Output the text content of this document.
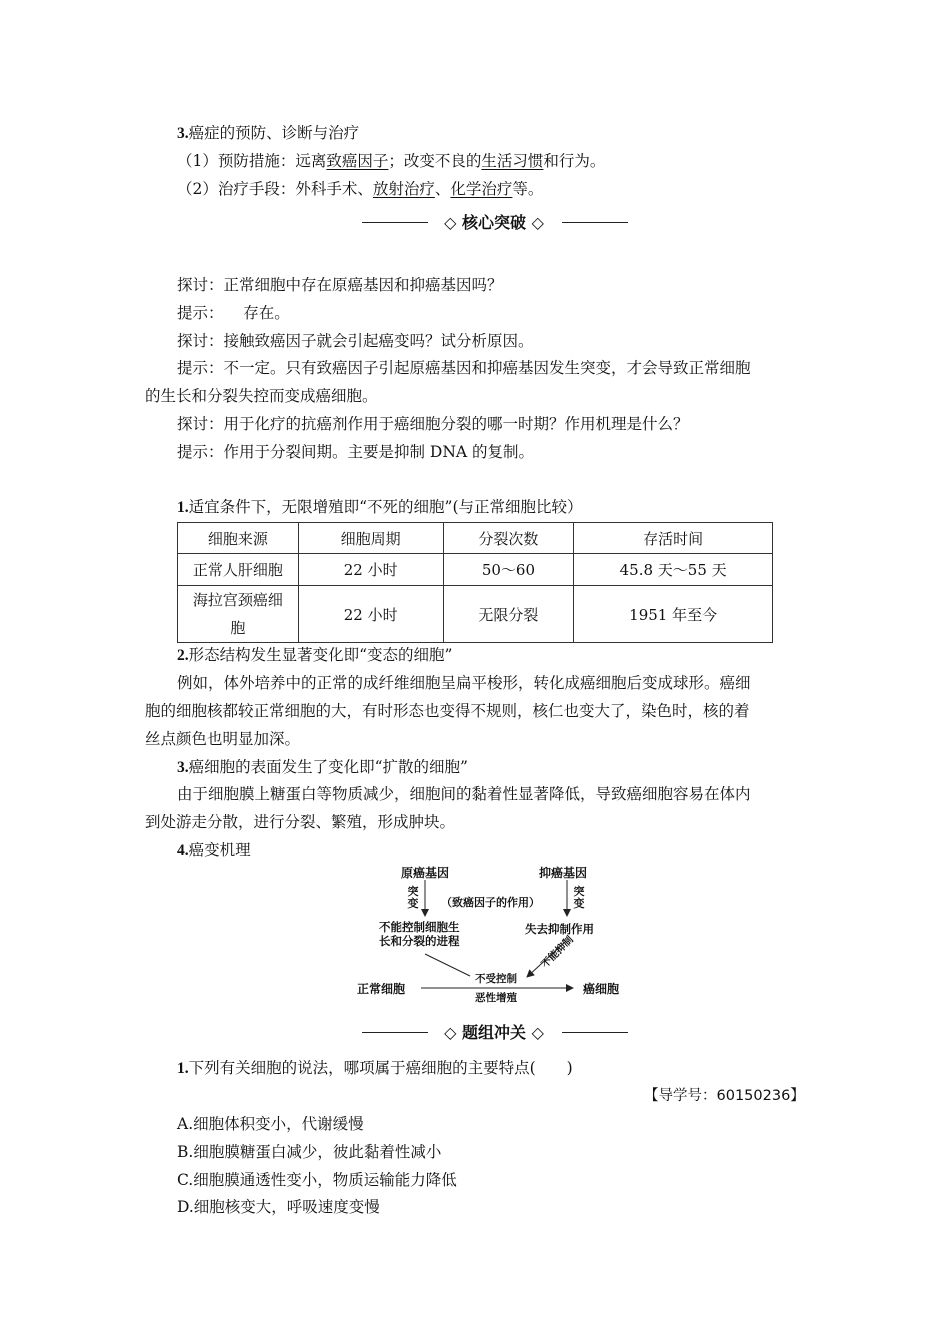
3.癌症的预防、诊断与治疗
（1）预防措施：远离致癌因子；改变不良的生活习惯和行为。
（2）治疗手段：外科手术、放射治疗、化学治疗等。
◇ 核心突破 ◇
探讨：正常细胞中存在原癌基因和抑癌基因吗？
提示：    存在。
探讨：接触致癌因子就会引起癌变吗？试分析原因。
提示：不一定。只有致癌因子引起原癌基因和抑癌基因发生突变，才会导致正常细胞
的生长和分裂失控而变成癌细胞。
探讨：用于化疗的抗癌剂作用于癌细胞分裂的哪一时期？作用机理是什么？
提示：作用于分裂间期。主要是抑制 DNA 的复制。
1.适宜条件下，无限增殖即“不死的细胞”(与正常细胞比较）
细胞来源	细胞周期	分裂次数	存活时间
正常人肝细胞	22 小时	50～60	45.8 天～55 天
海拉宫颈癌细
胞	22 小时	无限分裂	1951 年至今
2.形态结构发生显著变化即“变态的细胞”
例如，体外培养中的正常的成纤维细胞呈扁平梭形，转化成癌细胞后变成球形。癌细
胞的细胞核都较正常细胞的大，有时形态也变得不规则，核仁也变大了，染色时，核的着
丝点颜色也明显加深。
3.癌细胞的表面发生了变化即“扩散的细胞”
由于细胞膜上糖蛋白等物质减少，细胞间的黏着性显著降低，导致癌细胞容易在体内
到处游走分散，进行分裂、繁殖，形成肿块。
4.癌变机理
原癌基因	抑癌基因
突
变
突
变
（致癌因子的作用）
不能控制细胞生
长和分裂的进程
失去抑制作用
不能抑制
正常细胞
不受控制
恶性增殖
癌细胞
◇ 题组冲关 ◇
1.下列有关细胞的说法，哪项属于癌细胞的主要特点(　　)
【导学号：60150236】
A.细胞体积变小，代谢缓慢
B.细胞膜糖蛋白减少，彼此黏着性减小
C.细胞膜通透性变小，物质运输能力降低
D.细胞核变大，呼吸速度变慢
